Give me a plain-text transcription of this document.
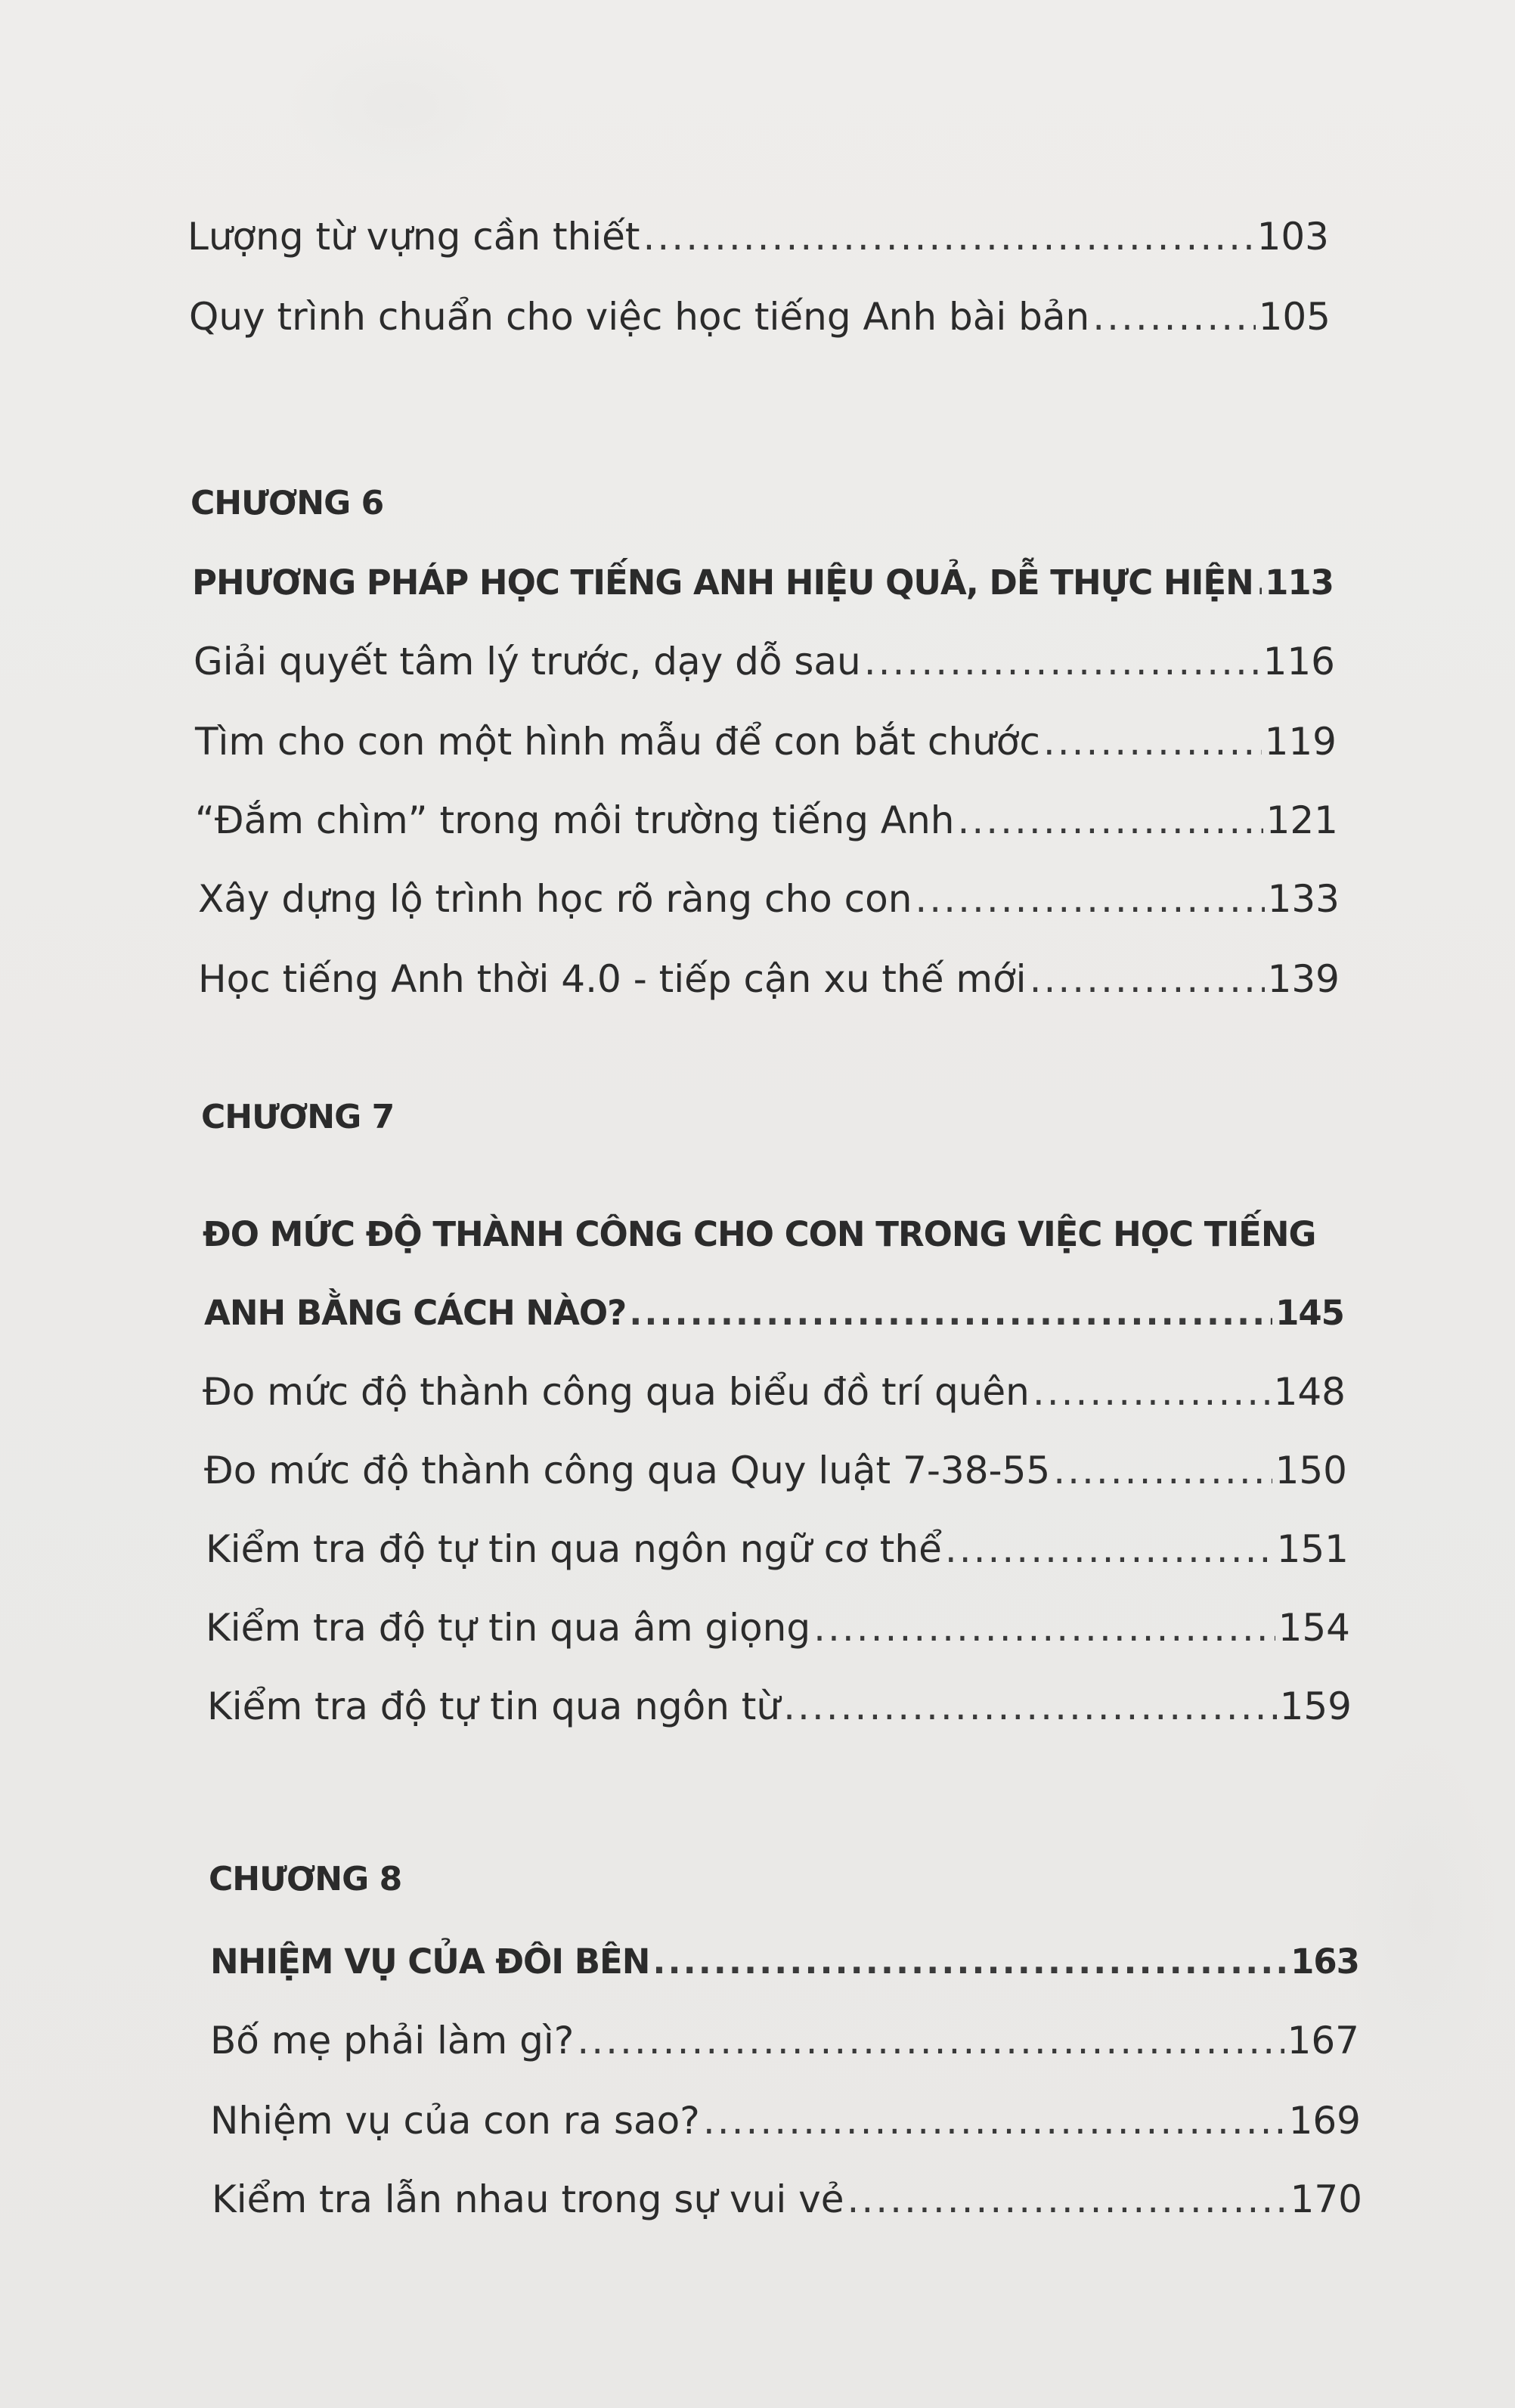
Lượng từ vựng cần thiết .....	103
Quy trình chuẩn cho việc học tiếng Anh bài bản .....	105
CHƯƠNG 6
PHƯƠNG PHÁP HỌC TIẾNG ANH HIỆU QUẢ, DỄ THỰC HIỆN ..... 113
Giải quyết tâm lý trước, dạy dỗ sau .....	116
Tìm cho con một hình mẫu để con bắt chước .....	119
“Đắm chìm” trong môi trường tiếng Anh .....	121
Xây dựng lộ trình học rõ ràng cho con .....	133
Học tiếng Anh thời 4.0 - tiếp cận xu thế mới .....	139
CHƯƠNG 7
ĐO MỨC ĐỘ THÀNH CÔNG CHO CON TRONG VIỆC HỌC TIẾNG
ANH BẰNG CÁCH NÀO? .....	145
Đo mức độ thành công qua biểu đồ trí quên .....	148
Đo mức độ thành công qua Quy luật 7-38-55 .....	150
Kiểm tra độ tự tin qua ngôn ngữ cơ thể .....	151
Kiểm tra độ tự tin qua âm giọng .....	154
Kiểm tra độ tự tin qua ngôn từ .....	159
CHƯƠNG 8
NHIỆM VỤ CỦA ĐÔI BÊN .....	163
Bố mẹ phải làm gì? .....	167
Nhiệm vụ của con ra sao? .....	169
Kiểm tra lẫn nhau trong sự vui vẻ .....	170
